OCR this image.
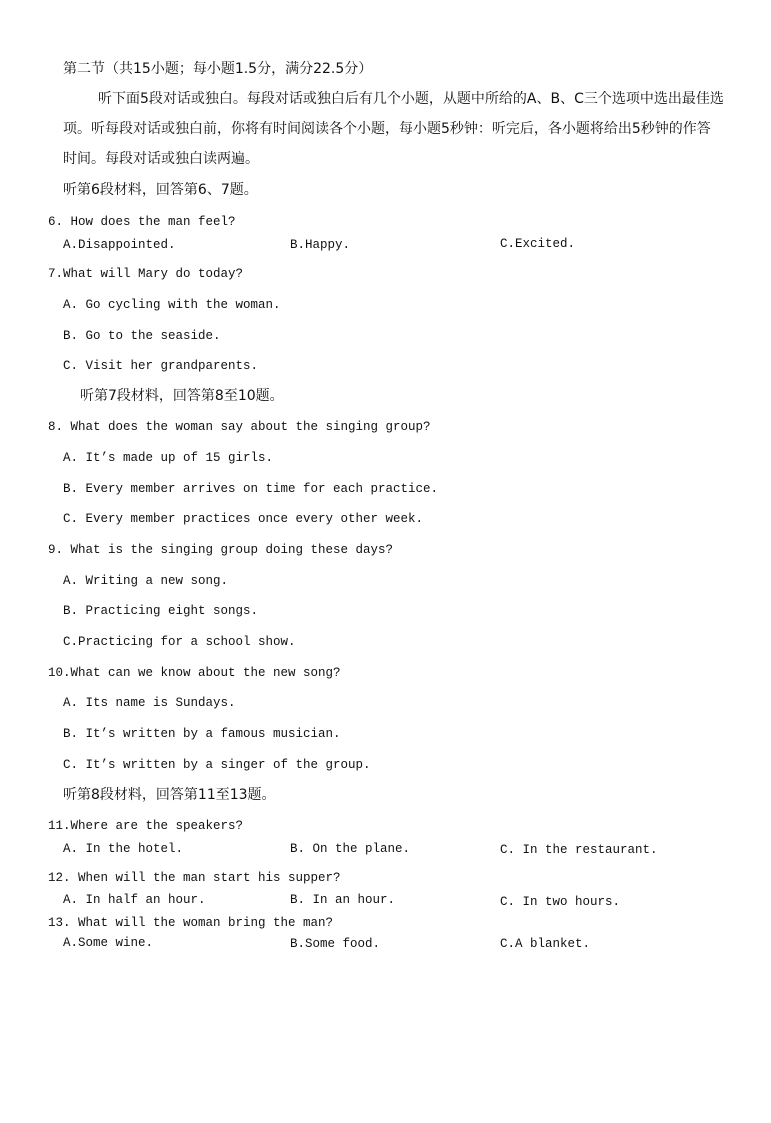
第二节（共15小题；每小题1.5分，满分22.5分）
听下面5段对话或独白。每段对话或独白后有几个小题，从题中所给的A、B、C三个选项中选出最佳选
项。听每段对话或独白前，你将有时间阅读各个小题，每小题5秒钟：听完后，各小题将给出5秒钟的作答
时间。每段对话或独白读两遍。
听第6段材料，回答第6、7题。
6. How does the man feel?
A.Disappointed.	B.Happy.	C.Excited.
7.What will Mary do today?
A. Go cycling with the woman.
B. Go to the seaside.
C. Visit her grandparents.
听第7段材料，回答第8至10题。
8. What does the woman say about the singing group?
A. It’s made up of 15 girls.
B. Every member arrives on time for each practice.
C. Every member practices once every other week.
9. What is the singing group doing these days?
A. Writing a new song.
B. Practicing eight songs.
C.Practicing for a school show.
10.What can we know about the new song?
A. Its name is Sundays.
B. It’s written by a famous musician.
C. It’s written by a singer of the group.
听第8段材料，回答第11至13题。
11.Where are the speakers?
A. In the hotel.	B. On the plane.	C. In the restaurant.
12. When will the man start his supper?
A. In half an hour.	B. In an hour.	C. In two hours.
13. What will the woman bring the man?
A.Some wine.	B.Some food.	C.A blanket.
